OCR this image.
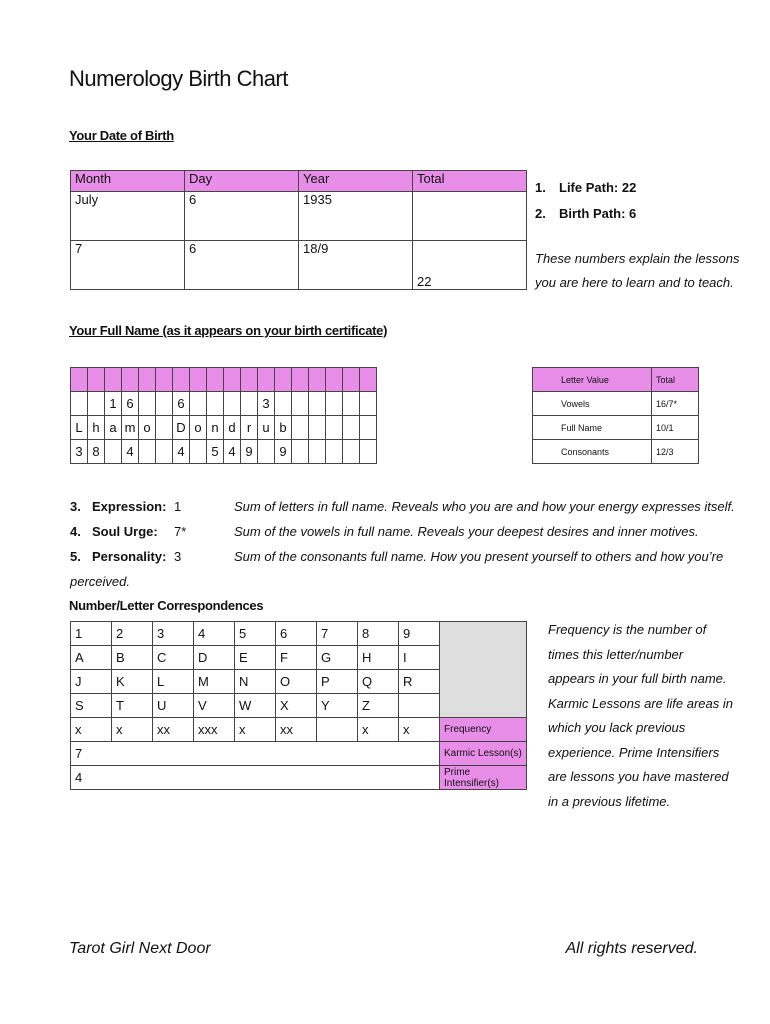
Numerology Birth Chart
Your Date of Birth
Month	Day	Year	Total
July	6	1935	
7	6	18/9	22
1. Life Path: 22
2. Birth Path: 6
These numbers explain the lessons
you are here to learn and to teach.
Your Full Name (as it appears on your birth certificate)

		1	6			6					3						
L	h	a	m	o		D	o	n	d	r	u	b					
3	8		4			4		5	4	9		9					
Letter Value	Total
Vowels	16/7*
Full Name	10/1
Consonants	12/3
3. Expression: 1	Sum of letters in full name. Reveals who you are and how your energy expresses itself.
4. Soul Urge: 7*	Sum of the vowels in full name. Reveals your deepest desires and inner motives.
5. Personality: 3	Sum of the consonants full name. How you present yourself to others and how you’re perceived.
Number/Letter Correspondences
1	2	3	4	5	6	7	8	9	
A	B	C	D	E	F	G	H	I	
J	K	L	M	N	O	P	Q	R	
S	T	U	V	W	X	Y	Z		
x	x	xx	xxx	x	xx		x	x	Frequency
7									Karmic Lesson(s)
4									Prime Intensifier(s)
Frequency is the number of
times this letter/number
appears in your full birth name.
Karmic Lessons are life areas in
which you lack previous
experience. Prime Intensifiers
are lessons you have mastered
in a previous lifetime.
Tarot Girl Next Door	All rights reserved.
